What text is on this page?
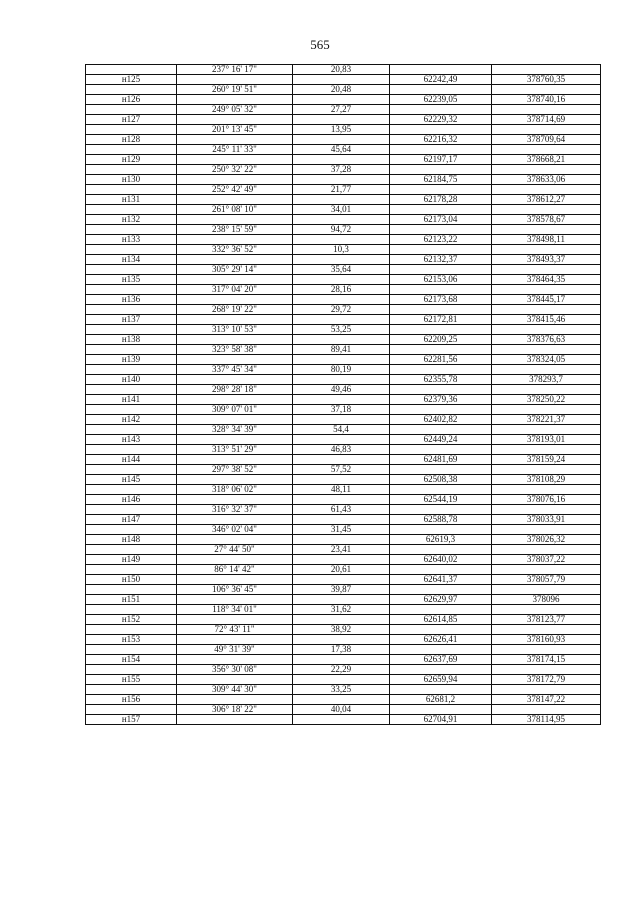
565
	237° 16' 17"	20,83		
н125			62242,49	378760,35
	260° 19' 51"	20,48		
н126			62239,05	378740,16
	249° 05' 32"	27,27		
н127			62229,32	378714,69
	201° 13' 45"	13,95		
н128			62216,32	378709,64
	245° 11' 33"	45,64		
н129			62197,17	378668,21
	250° 32' 22"	37,28		
н130			62184,75	378633,06
	252° 42' 49"	21,77		
н131			62178,28	378612,27
	261° 08' 10"	34,01		
н132			62173,04	378578,67
	238° 15' 59"	94,72		
н133			62123,22	378498,11
	332° 36' 52"	10,3		
н134			62132,37	378493,37
	305° 29' 14"	35,64		
н135			62153,06	378464,35
	317° 04' 20"	28,16		
н136			62173,68	378445,17
	268° 19' 22"	29,72		
н137			62172,81	378415,46
	313° 10' 53"	53,25		
н138			62209,25	378376,63
	323° 58' 38"	89,41		
н139			62281,56	378324,05
	337° 45' 34"	80,19		
н140			62355,78	378293,7
	298° 28' 18"	49,46		
н141			62379,36	378250,22
	309° 07' 01"	37,18		
н142			62402,82	378221,37
	328° 34' 39"	54,4		
н143			62449,24	378193,01
	313° 51' 29"	46,83		
н144			62481,69	378159,24
	297° 38' 52"	57,52		
н145			62508,38	378108,29
	318° 06' 02"	48,11		
н146			62544,19	378076,16
	316° 32' 37"	61,43		
н147			62588,78	378033,91
	346° 02' 04"	31,45		
н148			62619,3	378026,32
	27° 44' 50"	23,41		
н149			62640,02	378037,22
	86° 14' 42"	20,61		
н150			62641,37	378057,79
	106° 36' 45"	39,87		
н151			62629,97	378096
	118° 34' 01"	31,62		
н152			62614,85	378123,77
	72° 43' 11"	38,92		
н153			62626,41	378160,93
	49° 31' 39"	17,38		
н154			62637,69	378174,15
	356° 30' 08"	22,29		
н155			62659,94	378172,79
	309° 44' 30"	33,25		
н156			62681,2	378147,22
	306° 18' 22"	40,04		
н157			62704,91	378114,95
